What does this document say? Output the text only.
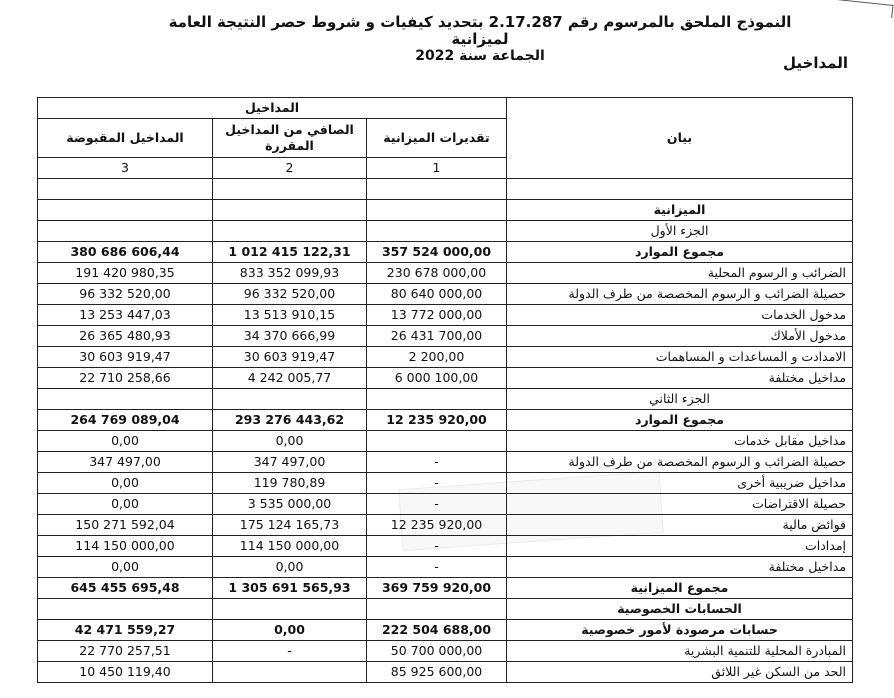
النموذج الملحق بالمرسوم رقم 2.17.287 بتحديد كيفيات و شروط حصر النتيجة العامة لميزانية
الجماعة سنة 2022	المداخيل
المداخيل			بيان
المداخيل المقبوضة	الصافي من المداخيل المقررة	تقديرات الميزانية	
3	2	1	

			الميزانية
			الجزء الأول
380 686 606,44	1 012 415 122,31	357 524 000,00	مجموع الموارد
191 420 980,35	833 352 099,93	230 678 000,00	الضرائب و الرسوم المحلية
96 332 520,00	96 332 520,00	80 640 000,00	حصيلة الضرائب و الرسوم المخصصة من طرف الدولة
13 253 447,03	13 513 910,15	13 772 000,00	مدخول الخدمات
26 365 480,93	34 370 666,99	26 431 700,00	مدخول الأملاك
30 603 919,47	30 603 919,47	2 200,00	الامدادت و المساعدات و المساهمات
22 710 258,66	4 242 005,77	6 000 100,00	مداخيل مختلفة
			الجزء الثاني
264 769 089,04	293 276 443,62	12 235 920,00	مجموع الموارد
0,00	0,00		مداخيل مقابل خدمات
347 497,00	347 497,00	-	حصيلة الضرائب و الرسوم المخصصة من طرف الدولة
0,00	119 780,89	-	مداخيل ضريبية أخرى
0,00	3 535 000,00	-	حصيلة الاقتراضات
150 271 592,04	175 124 165,73	12 235 920,00	فوائض مالية
114 150 000,00	114 150 000,00	-	إمدادات
0,00	0,00	-	مداخيل مختلفة
645 455 695,48	1 305 691 565,93	369 759 920,00	مجموع الميزانية
			الحسابات الخصوصية
42 471 559,27	0,00	222 504 688,00	حسابات مرصودة لأمور خصوصية
22 770 257,51	-	50 700 000,00	المبادرة المحلية للتنمية البشرية
10 450 119,40		85 925 600,00	الحد من السكن غير اللائق
